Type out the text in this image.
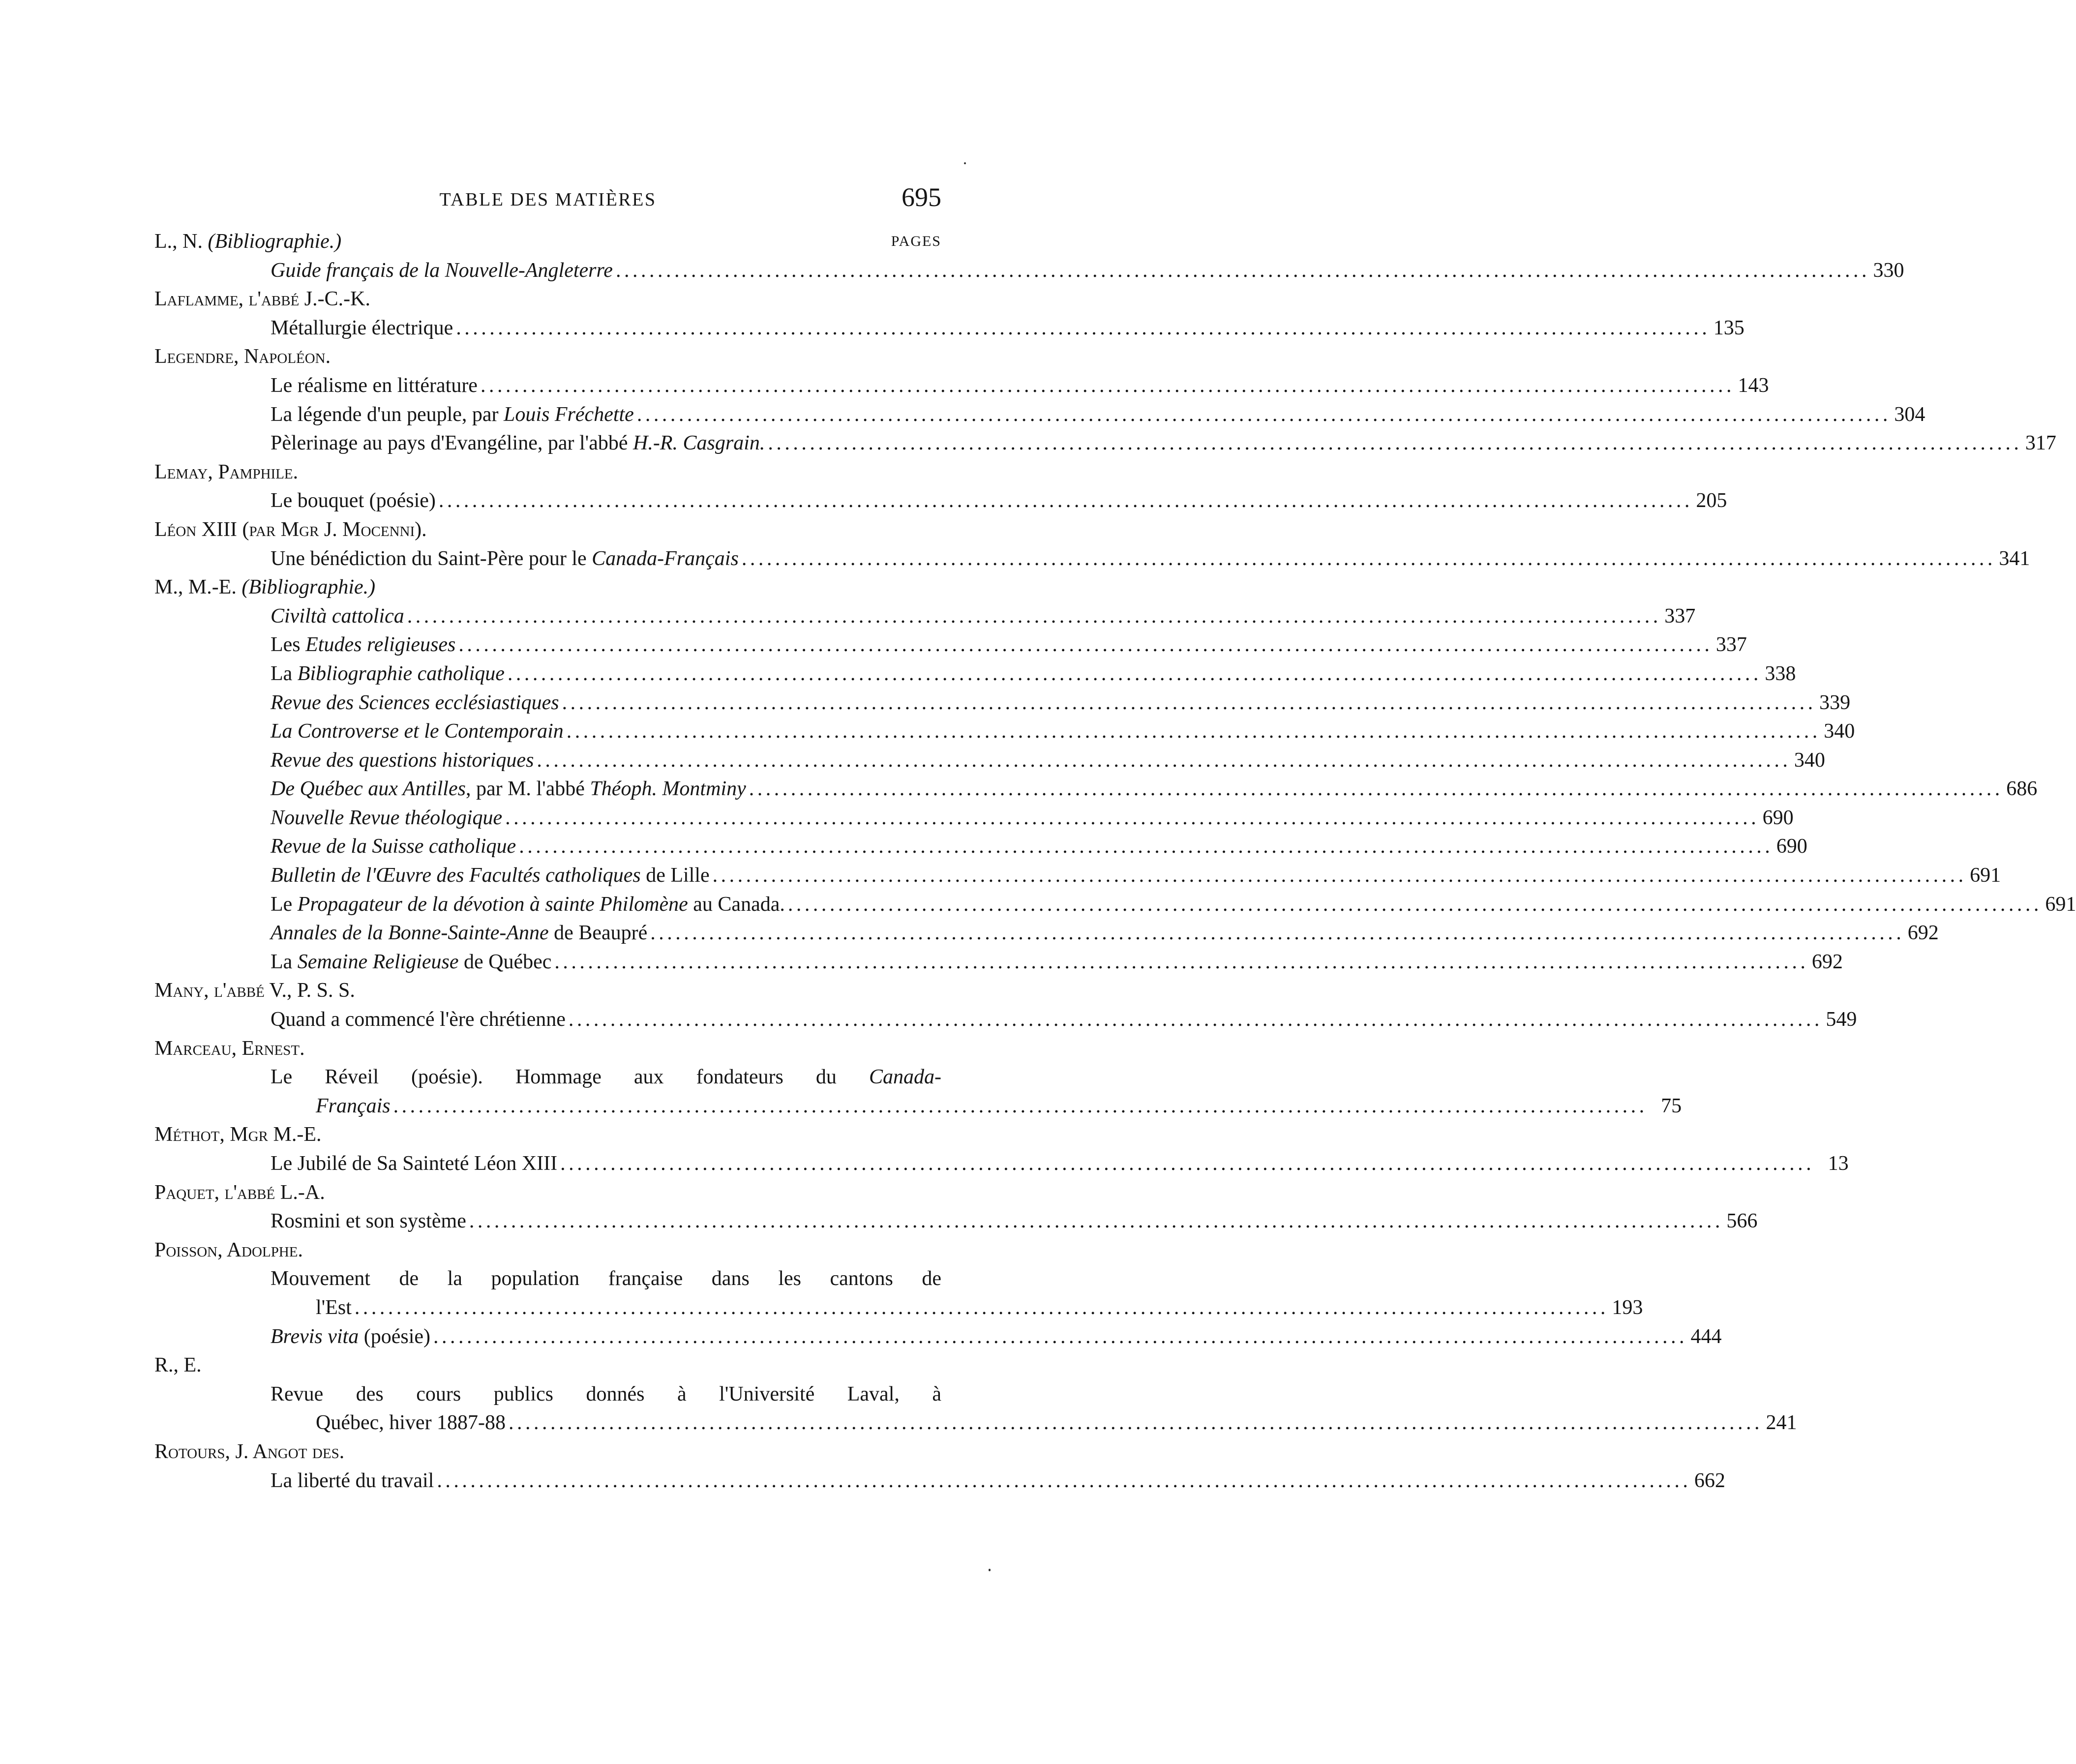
TABLE DES MATIÈRES	695
L., N. (Bibliographie.)	PAGES
Guide français de la Nouvelle-Angleterre . . .	330
Laflamme, l'abbé J.-C.-K.
Métallurgie électrique . . .	135
Legendre, Napoléon.
Le réalisme en littérature . . .	143
La légende d'un peuple, par Louis Fréchette . . .	304
Pèlerinage au pays d'Evangéline, par l'abbé H.-R. Casgrain. . . .	317
Lemay, Pamphile.
Le bouquet (poésie) . . .	205
Léon XIII (par Mgr J. Mocenni).
Une bénédiction du Saint-Père pour le Canada-Français . . .	341
M., M.-E. (Bibliographie.)
Civiltà cattolica . . .	337
Les Etudes religieuses . . .	337
La Bibliographie catholique . . .	338
Revue des Sciences ecclésiastiques . . .	339
La Controverse et le Contemporain . . .	340
Revue des questions historiques . . .	340
De Québec aux Antilles, par M. l'abbé Théoph. Montminy . . .	686
Nouvelle Revue théologique . . .	690
Revue de la Suisse catholique . . .	690
Bulletin de l'Œuvre des Facultés catholiques de Lille . . .	691
Le Propagateur de la dévotion à sainte Philomène au Canada. . . .	691
Annales de la Bonne-Sainte-Anne de Beaupré . . .	692
La Semaine Religieuse de Québec . . .	692
Many, l'abbé V., P. S. S.
Quand a commencé l'ère chrétienne . . .	549
Marceau, Ernest.
Le Réveil (poésie). Hommage aux fondateurs du Canada-
Français . . .	75
Méthot, Mgr M.-E.
Le Jubilé de Sa Sainteté Léon XIII . . .	13
Paquet, l'abbé L.-A.
Rosmini et son système . . .	566
Poisson, Adolphe.
Mouvement de la population française dans les cantons de
l'Est . . .	193
Brevis vita (poésie) . . .	444
R., E.
Revue des cours publics donnés à l'Université Laval, à
Québec, hiver 1887-88 . . .	241
Rotours, J. Angot des.
La liberté du travail . . .	662
